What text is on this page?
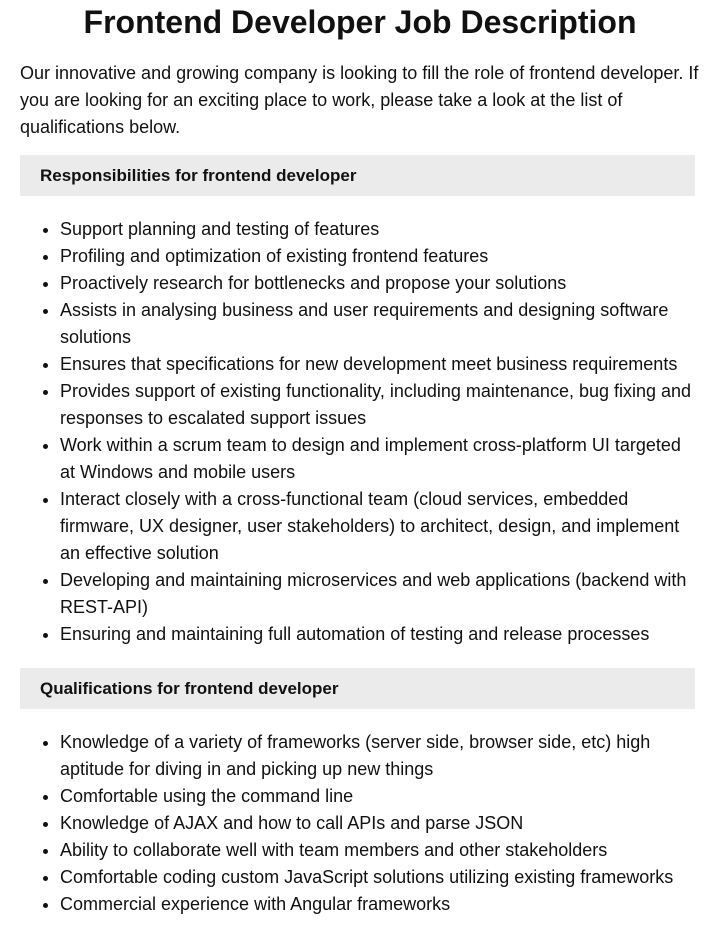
Frontend Developer Job Description

Our innovative and growing company is looking to fill the role of frontend developer. If you are looking for an exciting place to work, please take a look at the list of qualifications below.

Responsibilities for frontend developer
• Support planning and testing of features
• Profiling and optimization of existing frontend features
• Proactively research for bottlenecks and propose your solutions
• Assists in analysing business and user requirements and designing software solutions
• Ensures that specifications for new development meet business requirements
• Provides support of existing functionality, including maintenance, bug fixing and responses to escalated support issues
• Work within a scrum team to design and implement cross-platform UI targeted at Windows and mobile users
• Interact closely with a cross-functional team (cloud services, embedded firmware, UX designer, user stakeholders) to architect, design, and implement an effective solution
• Developing and maintaining microservices and web applications (backend with REST-API)
• Ensuring and maintaining full automation of testing and release processes
Qualifications for frontend developer
• Knowledge of a variety of frameworks (server side, browser side, etc) high aptitude for diving in and picking up new things
• Comfortable using the command line
• Knowledge of AJAX and how to call APIs and parse JSON
• Ability to collaborate well with team members and other stakeholders
• Comfortable coding custom JavaScript solutions utilizing existing frameworks
• Commercial experience with Angular frameworks
